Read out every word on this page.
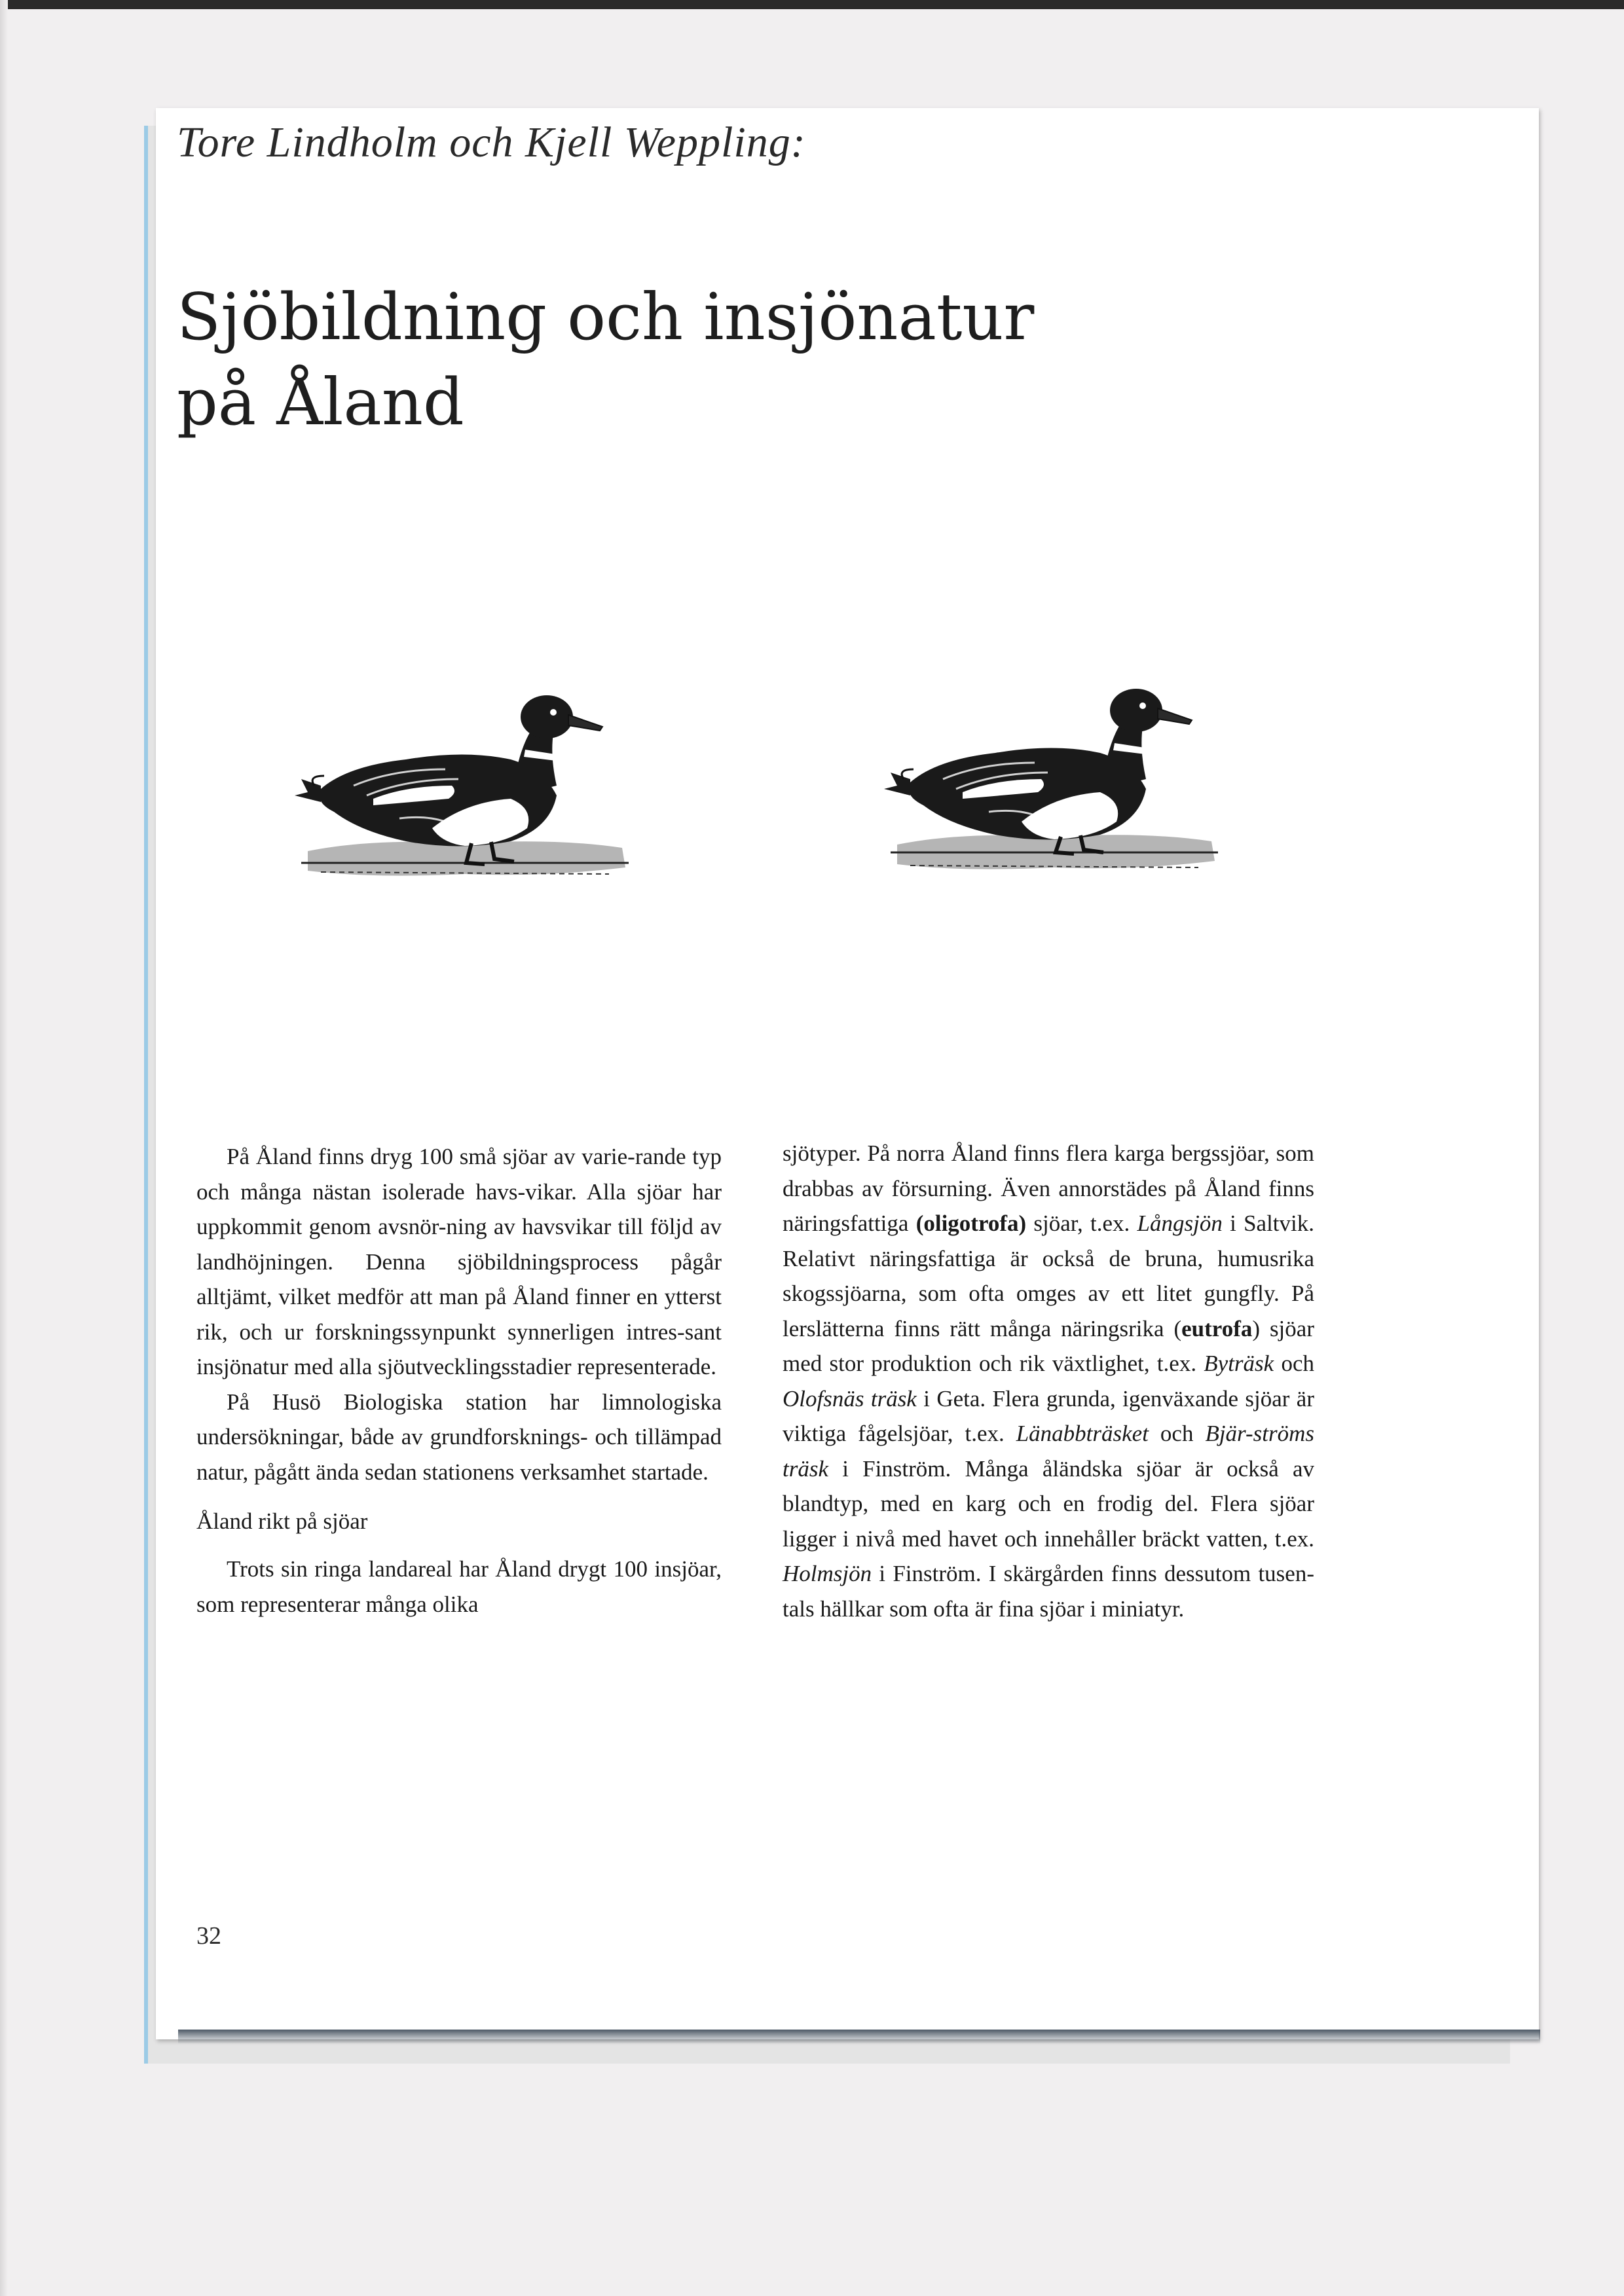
Tore Lindholm och Kjell Weppling:
Sjöbildning och insjönatur
på Åland

På Åland finns dryg 100 små sjöar av varie-rande typ och många nästan isolerade havs-vikar. Alla sjöar har uppkommit genom avsnör-ning av havsvikar till följd av landhöjningen. Denna sjöbildningsprocess pågår alltjämt, vilket medför att man på Åland finner en ytterst rik, och ur forskningssynpunkt synnerligen intres-sant insjönatur med alla sjöutvecklingsstadier representerade.

På Husö Biologiska station har limnologiska undersökningar, både av grundforsknings- och tillämpad natur, pågått ända sedan stationens verksamhet startade.

Åland rikt på sjöar

Trots sin ringa landareal har Åland drygt 100 insjöar, som representerar många olika

sjötyper. På norra Åland finns flera karga bergssjöar, som drabbas av försurning. Även annorstädes på Åland finns näringsfattiga (oligotrofa) sjöar, t.ex. Långsjön i Saltvik. Relativt näringsfattiga är också de bruna, humusrika skogssjöarna, som ofta omges av ett litet gungfly. På lerslätterna finns rätt många näringsrika (eutrofa) sjöar med stor produktion och rik växtlighet, t.ex. Byträsk och Olofsnäs träsk i Geta. Flera grunda, igenväxande sjöar är viktiga fågelsjöar, t.ex. Länabbträsket och Bjär-ströms träsk i Finström. Många åländska sjöar är också av blandtyp, med en karg och en frodig del. Flera sjöar ligger i nivå med havet och innehåller bräckt vatten, t.ex. Holmsjön i Finström. I skärgården finns dessutom tusen-tals hällkar som ofta är fina sjöar i miniatyr.

32
